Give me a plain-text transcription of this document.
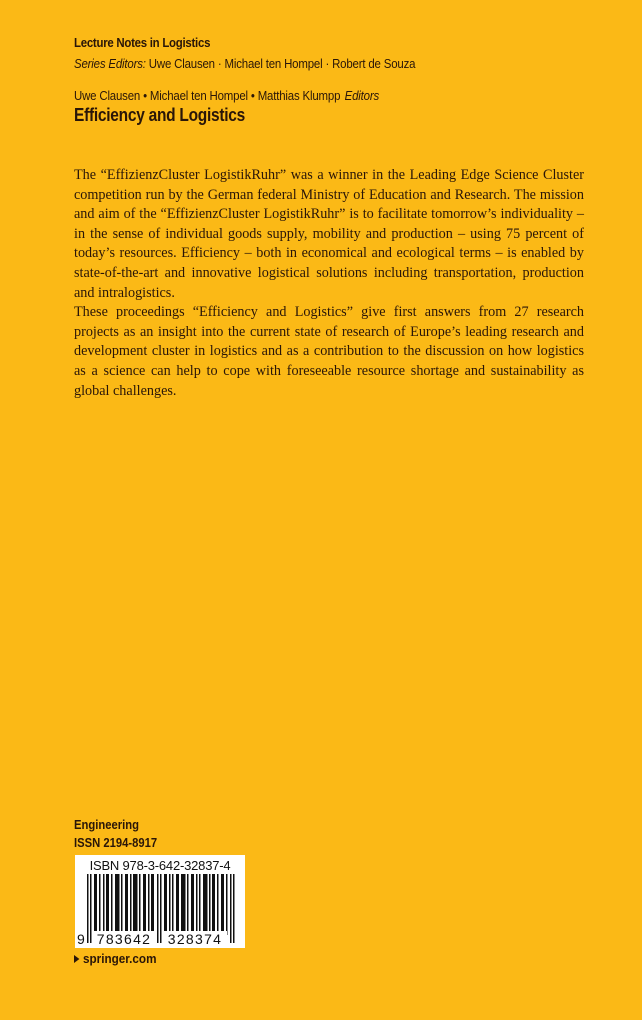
Lecture Notes in Logistics
Series Editors: Uwe Clausen · Michael ten Hompel · Robert de Souza
Uwe Clausen • Michael ten Hompel • Matthias Klumpp Editors
Efficiency and Logistics

The “EffizienzCluster LogistikRuhr” was a winner in the Leading Edge Science Cluster competition run by the German federal Ministry of Education and Research. The mission and aim of the “EffizienzCluster LogistikRuhr” is to facilitate tomorrow’s individuality – in the sense of individual goods supply, mobility and production – using 75 percent of today’s resources. Efficiency – both in economical and ecological terms – is enabled by state-of-the-art and innovative logistical solutions including transportation, production and intralogistics.

These proceedings “Efficiency and Logistics” give first answers from 27 research projects as an insight into the current state of research of Europe’s leading research and development cluster in logistics and as a contribution to the discussion on how logistics as a science can help to cope with foreseeable resource shortage and sustainability as global challenges.

Engineering
ISSN 2194-8917
ISBN 978-3-642-32837-4
9 783642	328374
springer.com
